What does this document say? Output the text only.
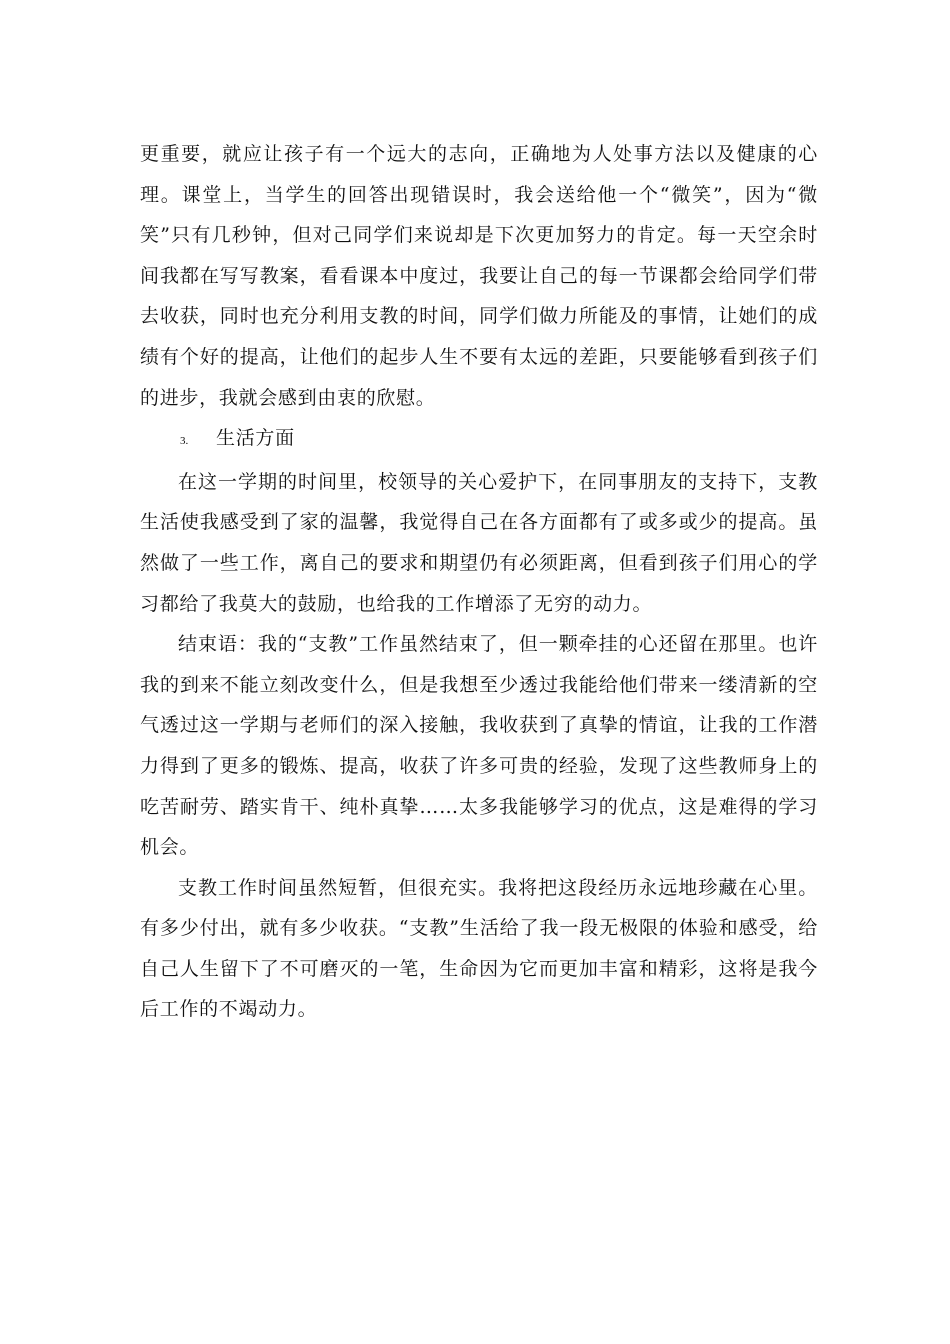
更重要，就应让孩子有一个远大的志向，正确地为人处事方法以及健康的心理。课堂上，当学生的回答出现错误时，我会送给他一个“微笑”，因为“微笑”只有几秒钟，但对己同学们来说却是下次更加努力的肯定。每一天空余时间我都在写写教案，看看课本中度过，我要让自己的每一节课都会给同学们带去收获，同时也充分利用支教的时间，同学们做力所能及的事情，让她们的成绩有个好的提高，让他们的起步人生不要有太远的差距，只要能够看到孩子们的进步，我就会感到由衷的欣慰。

3. 生活方面

在这一学期的时间里，校领导的关心爱护下，在同事朋友的支持下，支教生活使我感受到了家的温馨，我觉得自己在各方面都有了或多或少的提高。虽然做了一些工作，离自己的要求和期望仍有必须距离，但看到孩子们用心的学习都给了我莫大的鼓励，也给我的工作增添了无穷的动力。

结束语：我的“支教”工作虽然结束了，但一颗牵挂的心还留在那里。也许我的到来不能立刻改变什么，但是我想至少透过我能给他们带来一缕清新的空气透过这一学期与老师们的深入接触，我收获到了真挚的情谊，让我的工作潜力得到了更多的锻炼、提高，收获了许多可贵的经验，发现了这些教师身上的吃苦耐劳、踏实肯干、纯朴真挚……太多我能够学习的优点，这是难得的学习机会。

支教工作时间虽然短暂，但很充实。我将把这段经历永远地珍藏在心里。有多少付出，就有多少收获。“支教”生活给了我一段无极限的体验和感受，给自己人生留下了不可磨灭的一笔，生命因为它而更加丰富和精彩，这将是我今后工作的不竭动力。
